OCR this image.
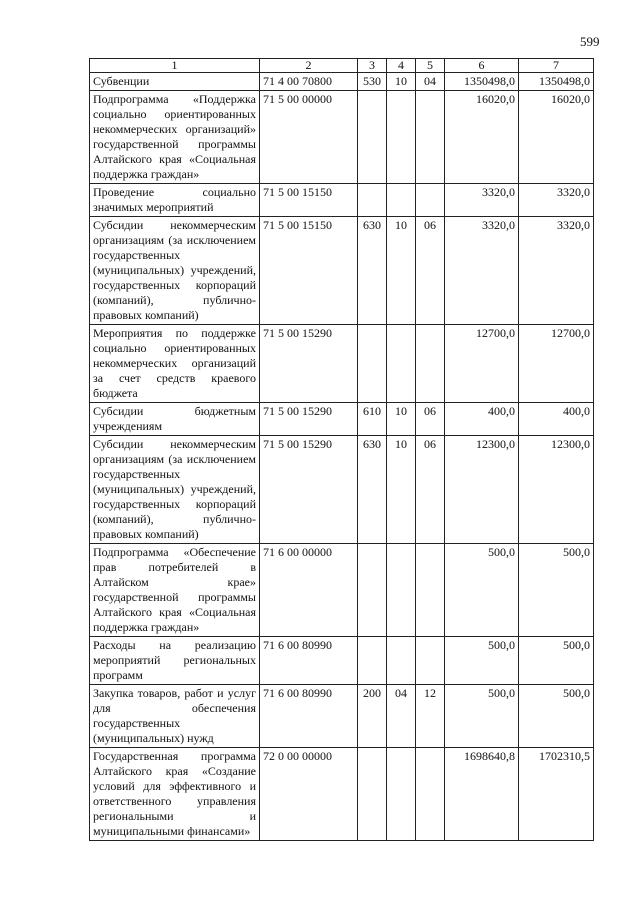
599
1	2	3	4	5	6	7
Субвенции	71 4 00 70800	530	10	04	1350498,0	1350498,0
Подпрограмма «Поддержка социально ориентированных некоммерческих организаций» государственной программы Алтайского края «Социальная поддержка граждан»	71 5 00 00000				16020,0	16020,0
Проведение социально значимых мероприятий	71 5 00 15150				3320,0	3320,0
Субсидии некоммерческим организациям (за исключением государственных (муниципальных) учреждений, государственных корпораций (компаний), публично-правовых компаний)	71 5 00 15150	630	10	06	3320,0	3320,0
Мероприятия по поддержке социально ориентированных некоммерческих организаций за счет средств краевого бюджета	71 5 00 15290				12700,0	12700,0
Субсидии бюджетным учреждениям	71 5 00 15290	610	10	06	400,0	400,0
Субсидии некоммерческим организациям (за исключением государственных (муниципальных) учреждений, государственных корпораций (компаний), публично-правовых компаний)	71 5 00 15290	630	10	06	12300,0	12300,0
Подпрограмма «Обеспечение прав потребителей в Алтайском крае» государственной программы Алтайского края «Социальная поддержка граждан»	71 6 00 00000				500,0	500,0
Расходы на реализацию мероприятий региональных программ	71 6 00 80990				500,0	500,0
Закупка товаров, работ и услуг для обеспечения государственных (муниципальных) нужд	71 6 00 80990	200	04	12	500,0	500,0
Государственная программа Алтайского края «Создание условий для эффективного и ответственного управления региональными и муниципальными финансами»	72 0 00 00000				1698640,8	1702310,5
